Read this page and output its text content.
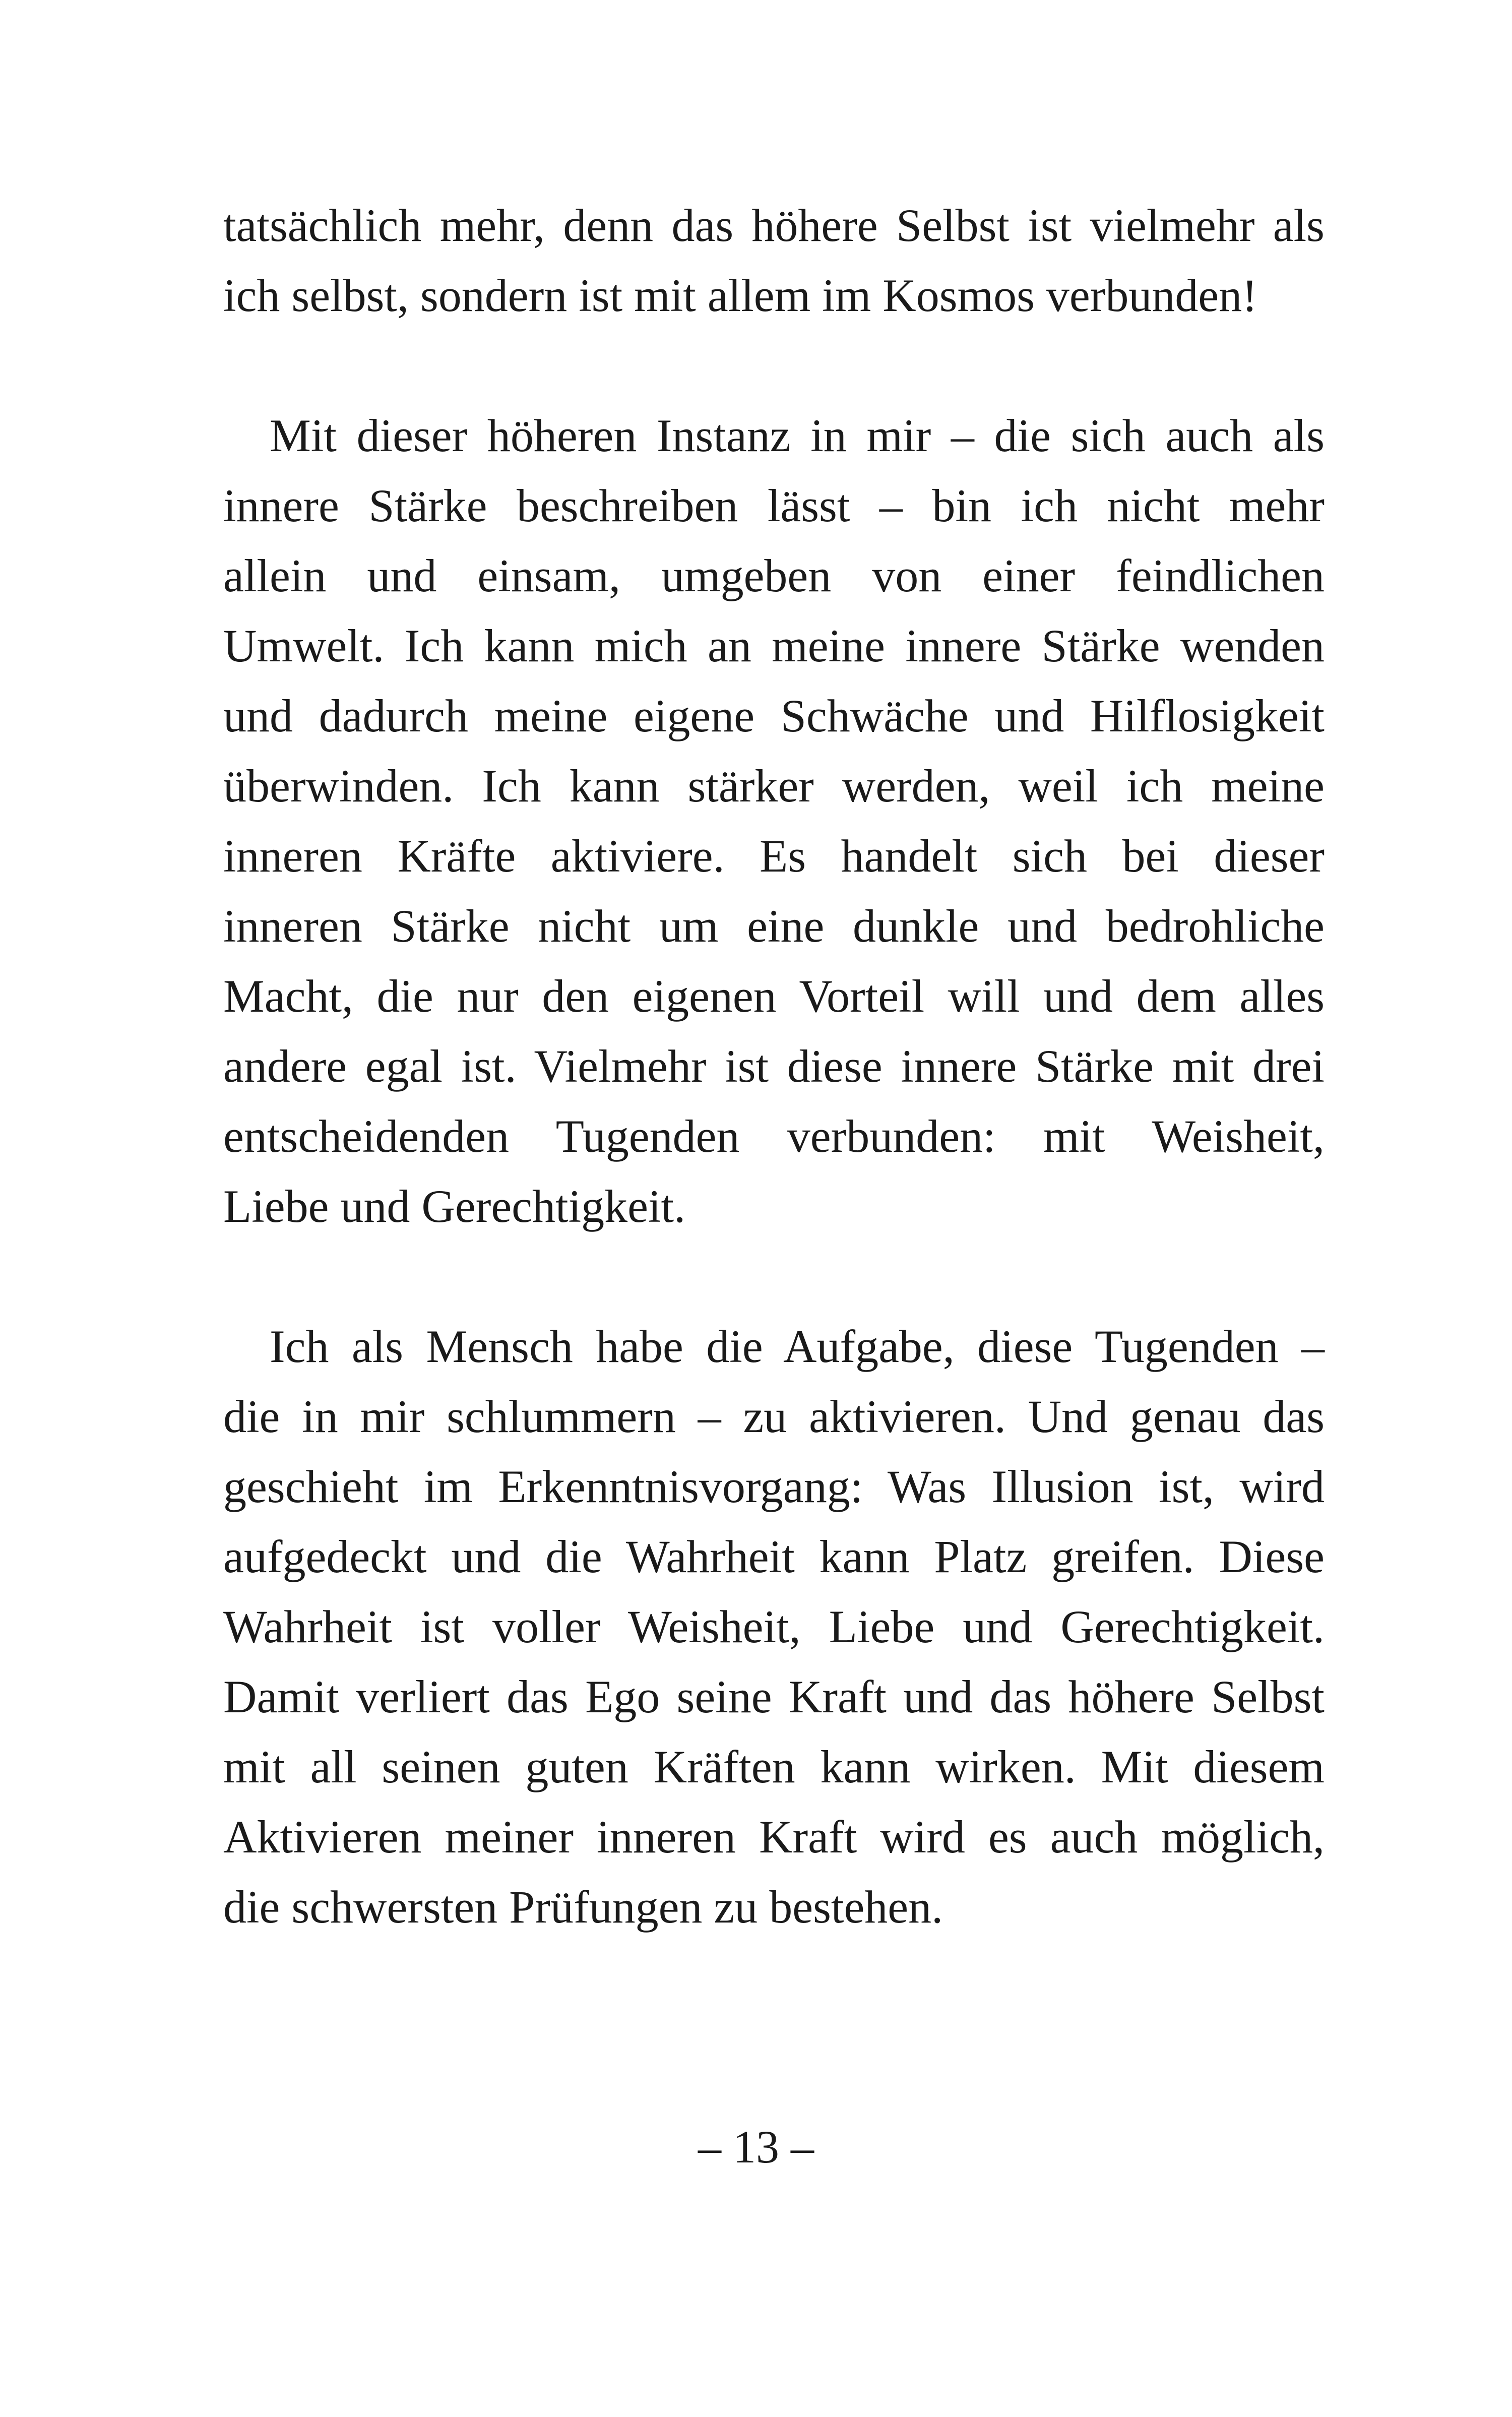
tatsächlich mehr, denn das höhere Selbst ist vielmehr als
ich selbst, sondern ist mit allem im Kosmos verbunden!

Mit dieser höheren Instanz in mir – die sich auch als
innere Stärke beschreiben lässt – bin ich nicht mehr
allein und einsam, umgeben von einer feindlichen
Umwelt. Ich kann mich an meine innere Stärke wenden
und dadurch meine eigene Schwäche und Hilflosigkeit
überwinden. Ich kann stärker werden, weil ich meine
inneren Kräfte aktiviere. Es handelt sich bei dieser
inneren Stärke nicht um eine dunkle und bedrohliche
Macht, die nur den eigenen Vorteil will und dem alles
andere egal ist. Vielmehr ist diese innere Stärke mit drei
entscheidenden Tugenden verbunden: mit Weisheit,
Liebe und Gerechtigkeit.

Ich als Mensch habe die Aufgabe, diese Tugenden –
die in mir schlummern – zu aktivieren. Und genau das
geschieht im Erkenntnisvorgang: Was Illusion ist, wird
aufgedeckt und die Wahrheit kann Platz greifen. Diese
Wahrheit ist voller Weisheit, Liebe und Gerechtigkeit.
Damit verliert das Ego seine Kraft und das höhere Selbst
mit all seinen guten Kräften kann wirken. Mit diesem
Aktivieren meiner inneren Kraft wird es auch möglich,
die schwersten Prüfungen zu bestehen.

– 13 –
